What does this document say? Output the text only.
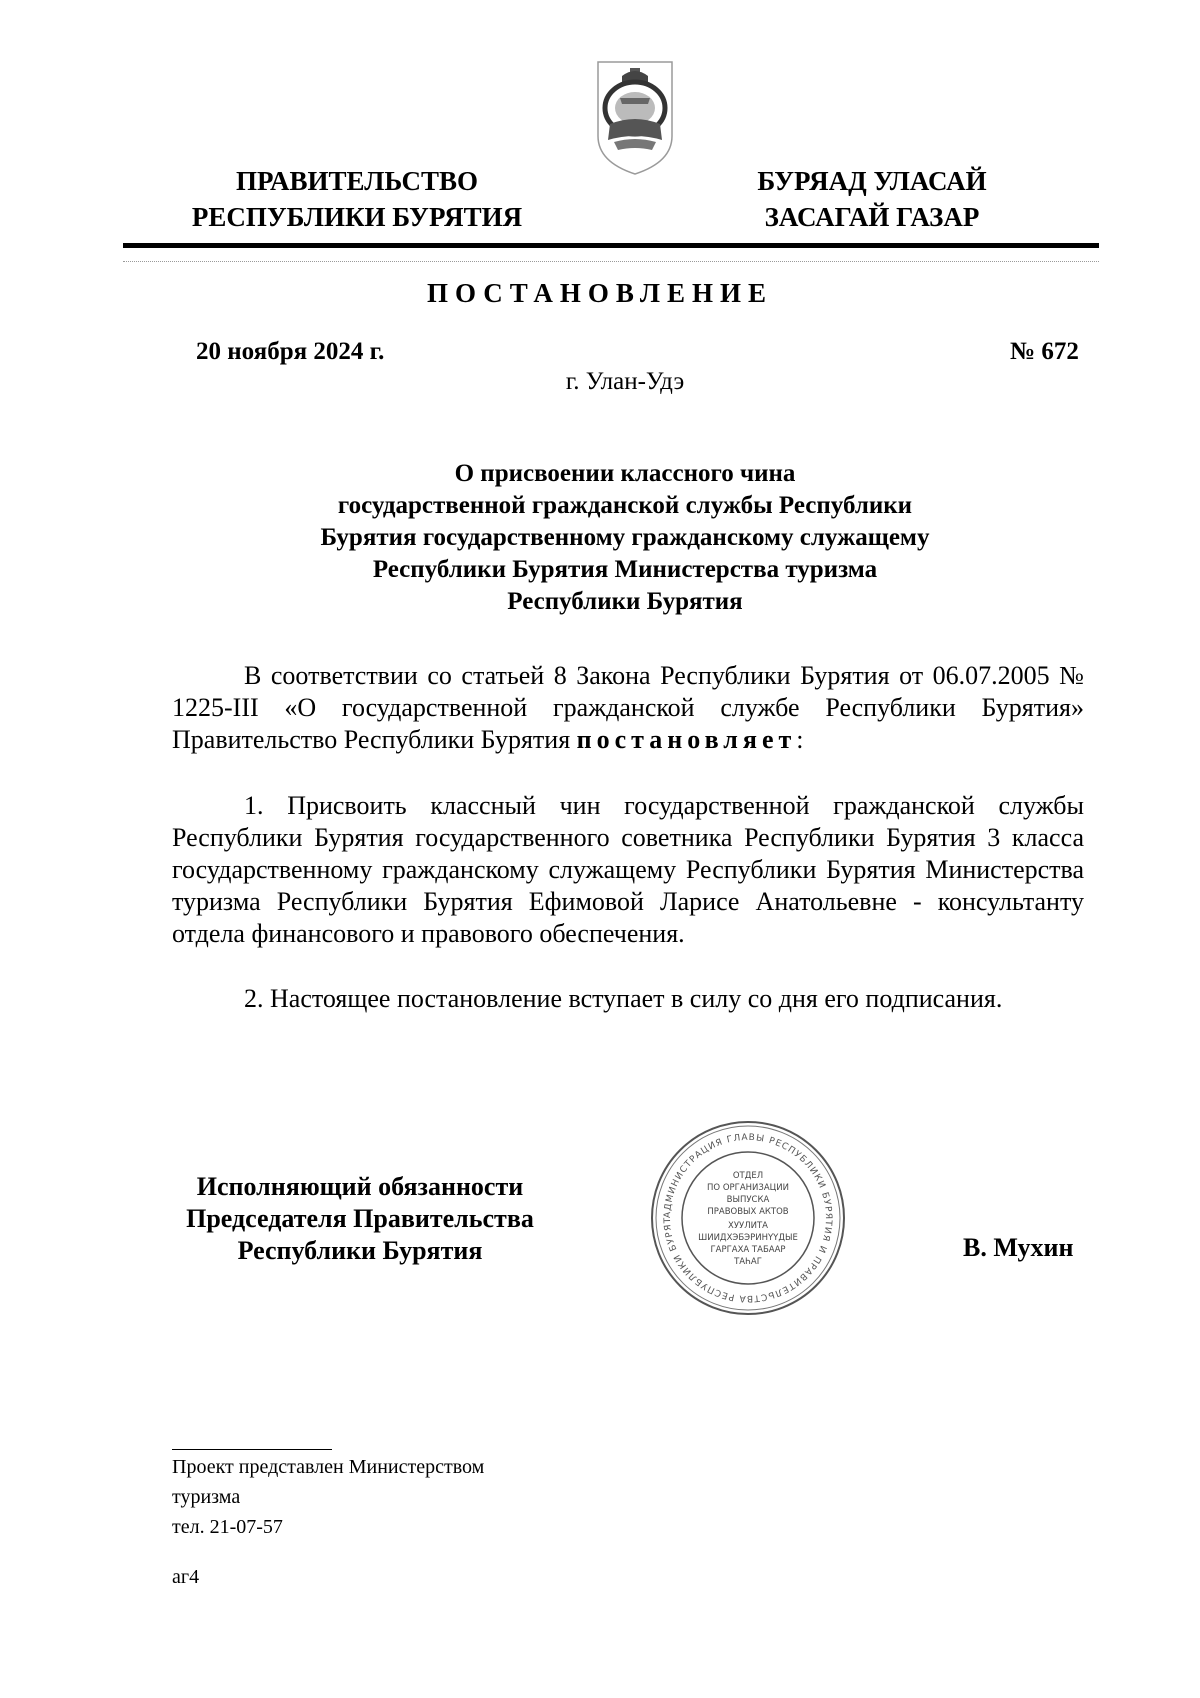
ПРАВИТЕЛЬСТВО
РЕСПУБЛИКИ БУРЯТИЯ
БУРЯАД УЛАСАЙ
ЗАСАГАЙ ГАЗАР
ПОСТАНОВЛЕНИЕ
20 ноября 2024 г.	№ 672
г. Улан-Удэ
О присвоении классного чина
государственной гражданской службы Республики
Бурятия государственному гражданскому служащему
Республики Бурятия Министерства туризма
Республики Бурятия
В соответствии со статьей 8 Закона Республики Бурятия от 06.07.2005 № 1225-III «О государственной гражданской службе Республики Бурятия» Правительство Республики Бурятия постановляет:
1. Присвоить классный чин государственной гражданской службы Республики Бурятия государственного советника Республики Бурятия 3 класса государственному гражданскому служащему Республики Бурятия Министерства туризма Республики Бурятия Ефимовой Ларисе Анатольевне - консультанту отдела финансового и правового обеспечения.
2. Настоящее постановление вступает в силу со дня его подписания.
Исполняющий обязанности
Председателя Правительства
Республики Бурятия	В. Мухин
АДМИНИСТРАЦИЯ ГЛАВЫ РЕСПУБЛИКИ БУРЯТИЯ И ПРАВИТЕЛЬСТВА РЕСПУБЛИКИ БУРЯТ
ОТДЕЛ
ПО ОРГАНИЗАЦИИ
ВЫПУСКА
ПРАВОВЫХ АКТОВ
ХУУЛИТА
ШИИДХЭБЭРИНҮҮДЫЕ
ГАРГАХА ТАБААР
ТАҺАГ
Проект представлен Министерством
туризма
тел. 21-07-57
аг4
